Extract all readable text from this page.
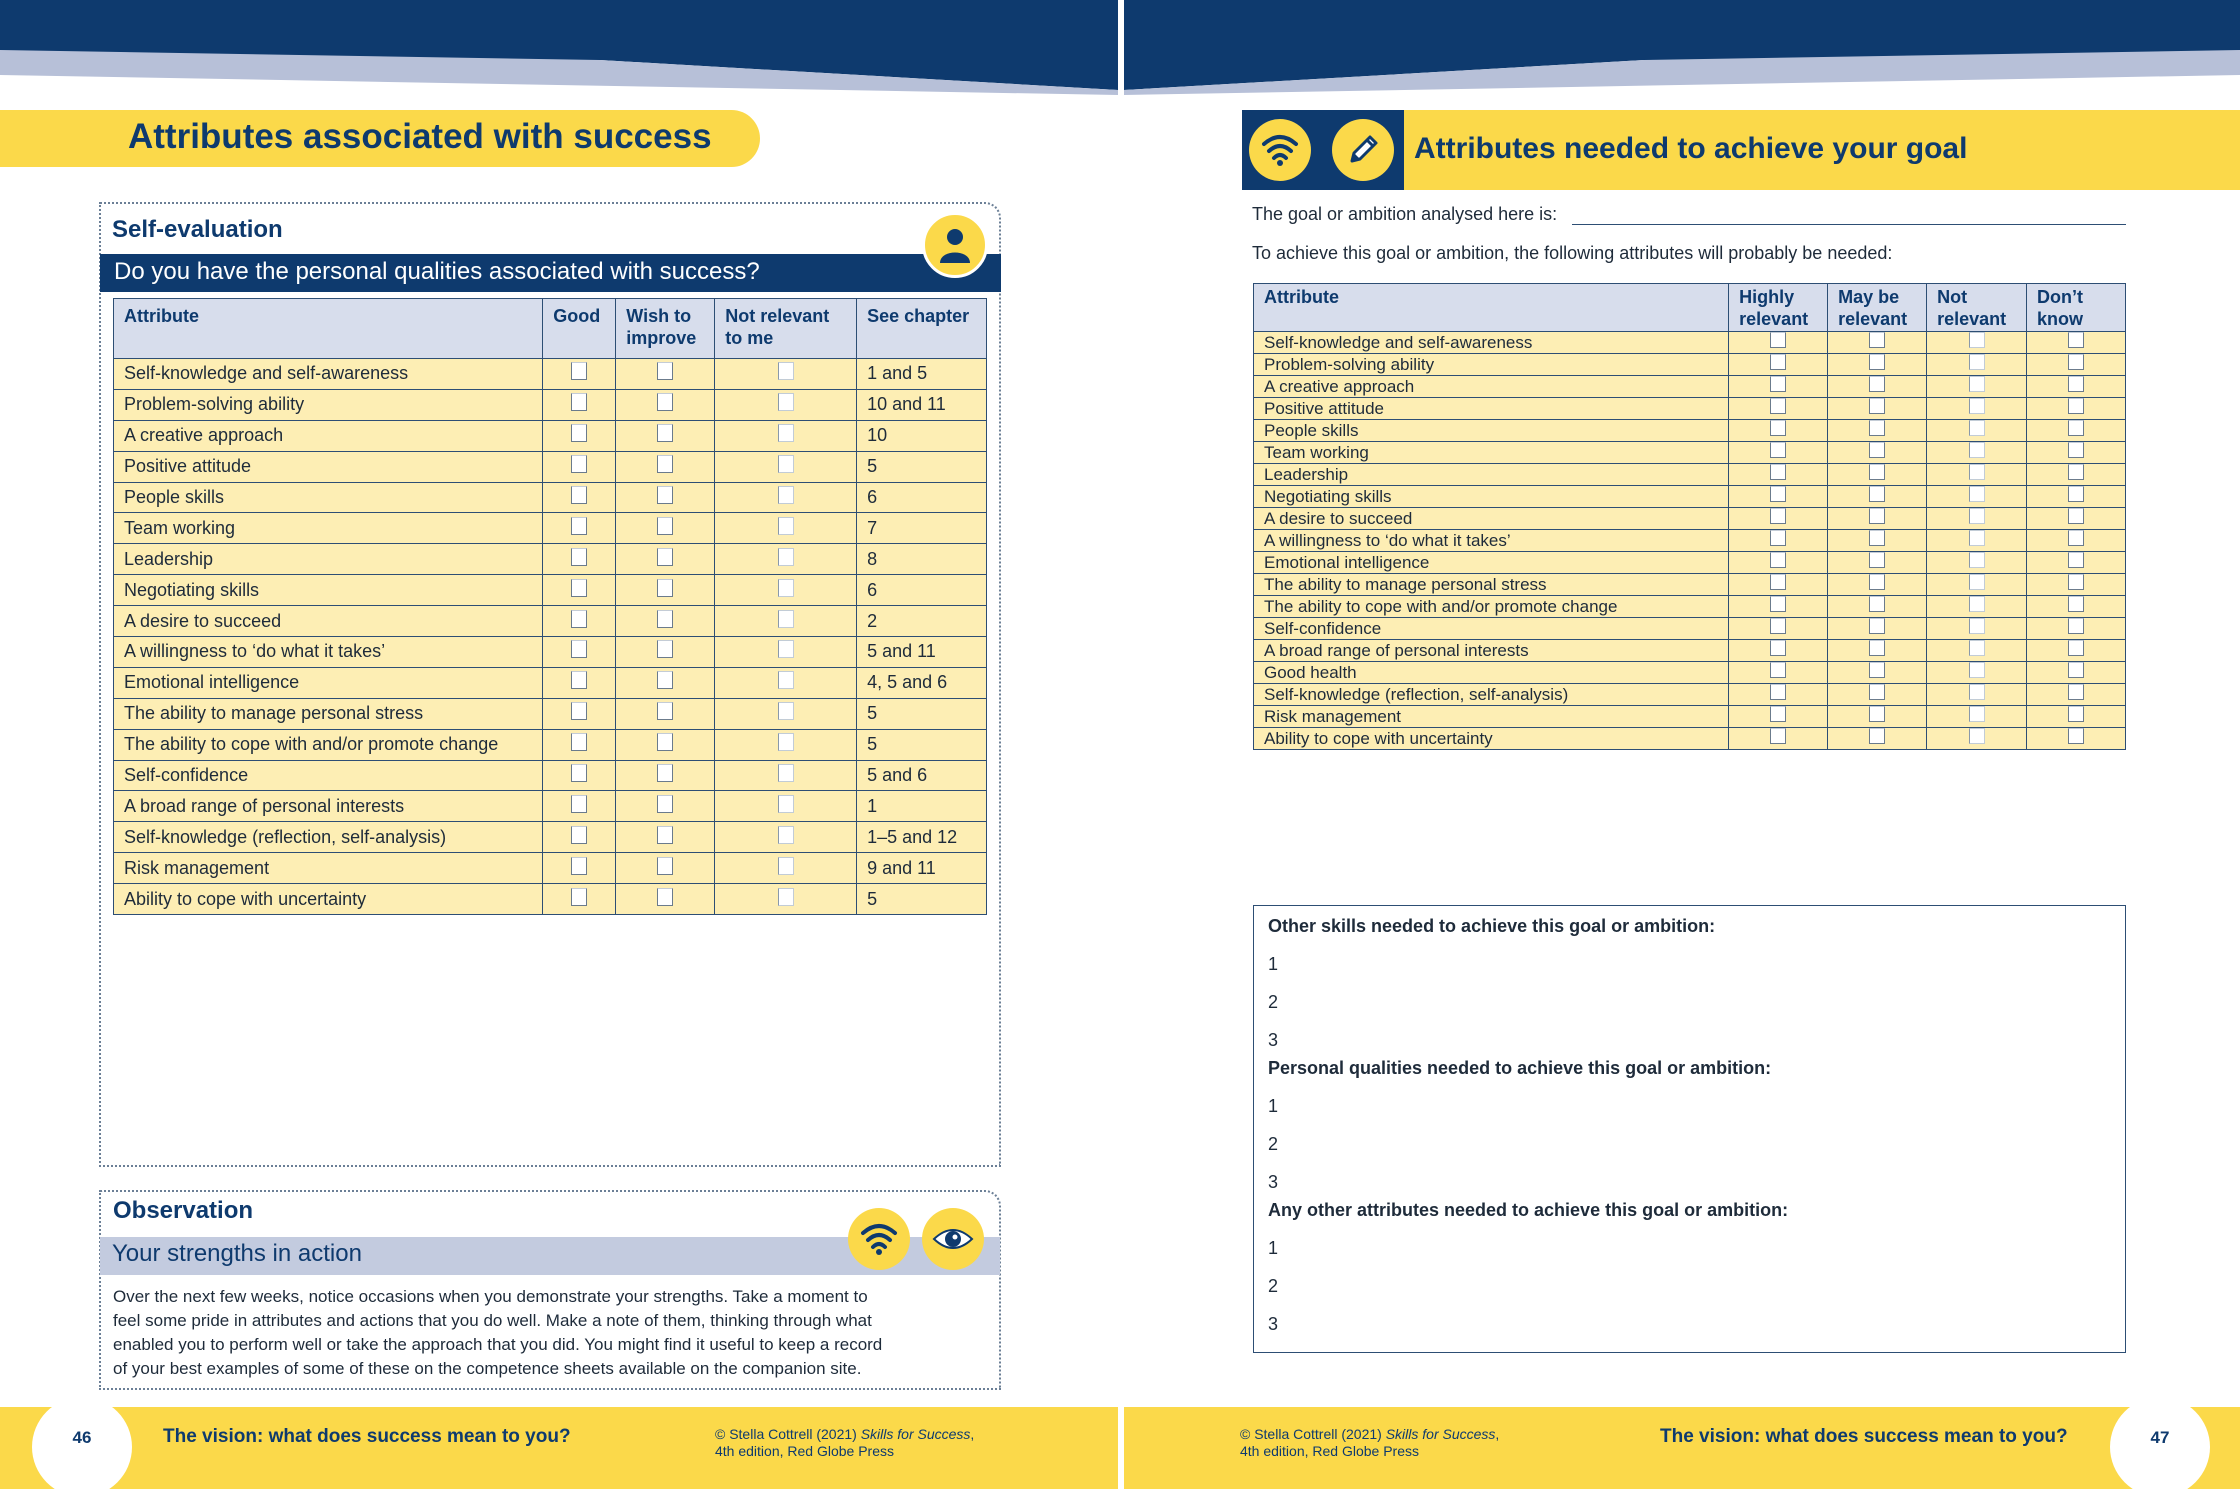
Attributes associated with success
Self-evaluation
Do you have the personal qualities associated with success?
Attribute	Good	Wish to improve	Not relevant to me	See chapter
Self-knowledge and self-awareness				1 and 5
Problem-solving ability				10 and 11
A creative approach				10
Positive attitude				5
People skills				6
Team working				7
Leadership				8
Negotiating skills				6
A desire to succeed				2
A willingness to ‘do what it takes’				5 and 11
Emotional intelligence				4, 5 and 6
The ability to manage personal stress				5
The ability to cope with and/or promote change				5
Self-confidence				5 and 6
A broad range of personal interests				1
Self-knowledge (reflection, self-analysis)				1–5 and 12
Risk management				9 and 11
Ability to cope with uncertainty				5
Observation
Your strengths in action
Over the next few weeks, notice occasions when you demonstrate your strengths. Take a moment to
feel some pride in attributes and actions that you do well. Make a note of them, thinking through what
enabled you to perform well or take the approach that you did. You might find it useful to keep a record
of your best examples of some of these on the competence sheets available on the companion site.
46	The vision: what does success mean to you?	© Stella Cottrell (2021) Skills for Success,
4th edition, Red Globe Press
Attributes needed to achieve your goal
The goal or ambition analysed here is:
To achieve this goal or ambition, the following attributes will probably be needed:
Attribute	Highly relevant	May be relevant	Not relevant	Don’t know
Self-knowledge and self-awareness				
Problem-solving ability				
A creative approach				
Positive attitude				
People skills				
Team working				
Leadership				
Negotiating skills				
A desire to succeed				
A willingness to ‘do what it takes’				
Emotional intelligence				
The ability to manage personal stress				
The ability to cope with and/or promote change				
Self-confidence				
A broad range of personal interests				
Good health				
Self-knowledge (reflection, self-analysis)				
Risk management				
Ability to cope with uncertainty				
Other skills needed to achieve this goal or ambition:
1
2
3
Personal qualities needed to achieve this goal or ambition:
1
2
3
Any other attributes needed to achieve this goal or ambition:
1
2
3
© Stella Cottrell (2021) Skills for Success,
4th edition, Red Globe Press
The vision: what does success mean to you?	47
